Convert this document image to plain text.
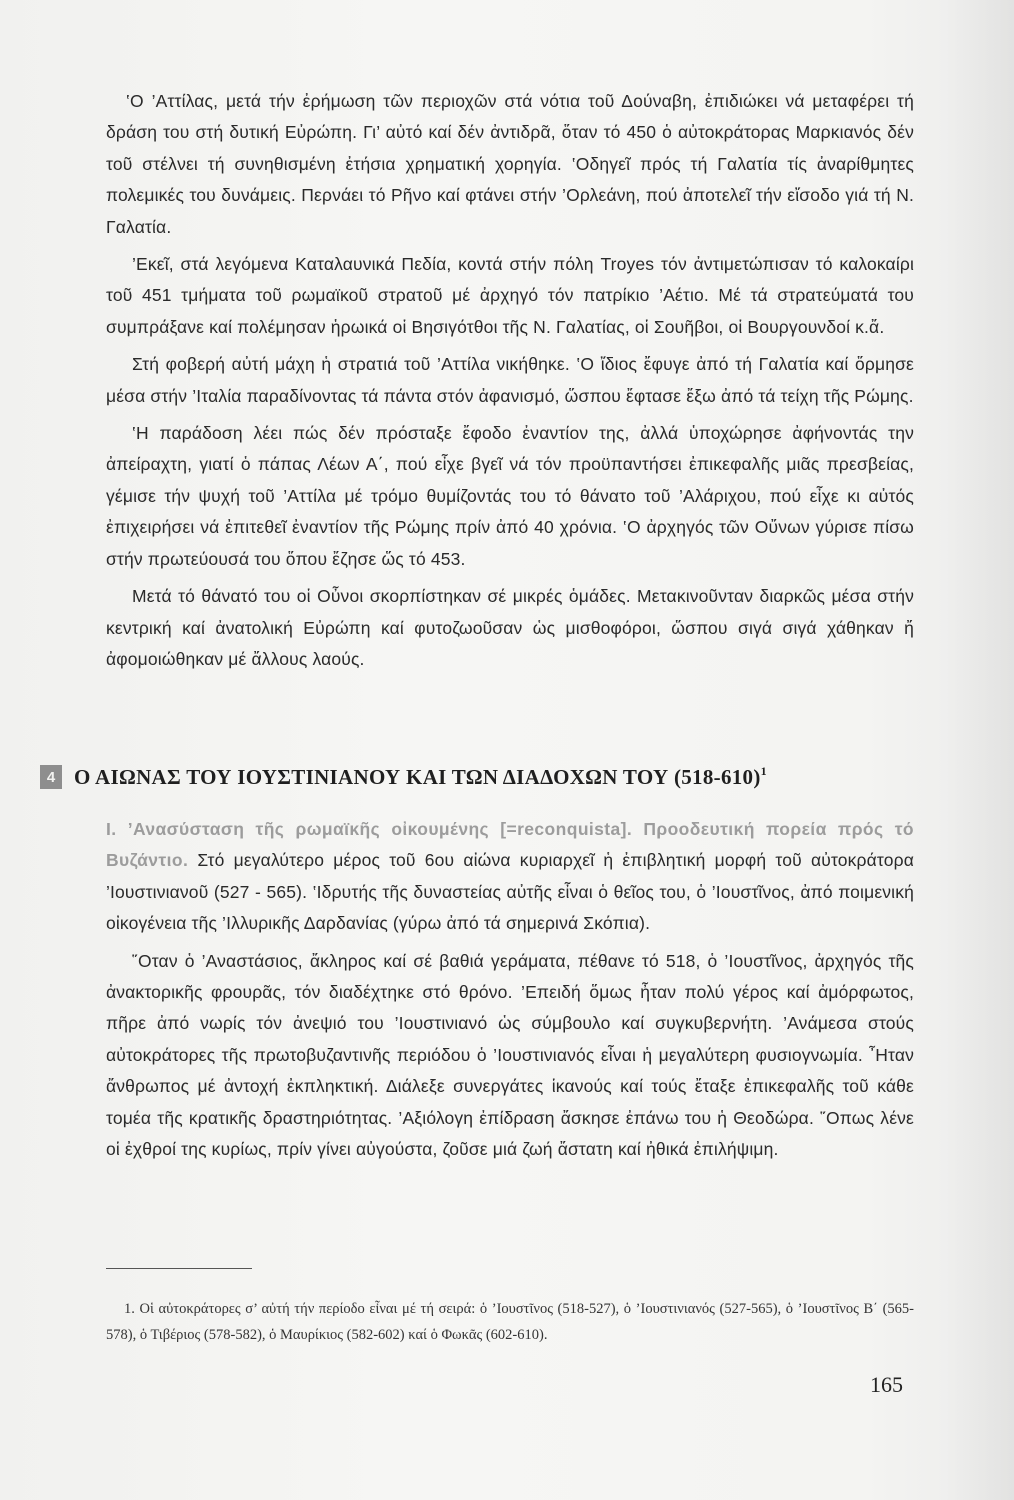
‛Ο ’Αττίλας, μετά τήν ἐρήμωση τῶν περιοχῶν στά νότια τοῦ Δούναβη, ἐπιδιώκει νά μεταφέρει τή δράση του στή δυτική Εὐρώπη. Γι’ αὐτό καί δέν ἀντιδρᾶ, ὅταν τό 450 ὁ αὐτοκράτορας Μαρκιανός δέν τοῦ στέλνει τή συνηθισμένη ἐτήσια χρηματική χορηγία. ‛Οδηγεῖ πρός τή Γαλατία τίς ἀναρίθμητες πολεμικές του δυνάμεις. Περνάει τό Ρῆνο καί φτάνει στήν ’Ορλεάνη, πού ἀποτελεῖ τήν εἴσοδο γιά τή Ν. Γαλατία.

’Εκεῖ, στά λεγόμενα Καταλαυνικά Πεδία, κοντά στήν πόλη Troyes τόν ἀντιμετώπισαν τό καλοκαίρι τοῦ 451 τμήματα τοῦ ρωμαϊκοῦ στρατοῦ μέ ἀρχηγό τόν πατρίκιο ’Αέτιο. Μέ τά στρατεύματά του συμπράξανε καί πολέμησαν ἡρωικά οἱ Βησιγότθοι τῆς Ν. Γαλατίας, οἱ Σουῆβοι, οἱ Βουργουνδοί κ.ἄ.

Στή φοβερή αὐτή μάχη ἡ στρατιά τοῦ ’Αττίλα νικήθηκε. ‛Ο ἴδιος ἔφυγε ἀπό τή Γαλατία καί ὅρμησε μέσα στήν ’Ιταλία παραδίνοντας τά πάντα στόν ἀφανισμό, ὥσπου ἔφτασε ἔξω ἀπό τά τείχη τῆς Ρώμης.

‛Η παράδοση λέει πώς δέν πρόσταξε ἔφοδο ἐναντίον της, ἀλλά ὑποχώρησε ἀφήνοντάς την ἀπείραχτη, γιατί ὁ πάπας Λέων Α΄, πού εἶχε βγεῖ νά τόν προϋπαντήσει ἐπικεφαλῆς μιᾶς πρεσβείας, γέμισε τήν ψυχή τοῦ ’Αττίλα μέ τρόμο θυμίζοντάς του τό θάνατο τοῦ ’Αλάριχου, πού εἶχε κι αὐτός ἐπιχειρήσει νά ἐπιτεθεῖ ἐναντίον τῆς Ρώμης πρίν ἀπό 40 χρόνια. ‛Ο ἀρχηγός τῶν Οὔνων γύρισε πίσω στήν πρωτεύουσά του ὅπου ἔζησε ὥς τό 453.

Μετά τό θάνατό του οἱ Οὖνοι σκορπίστηκαν σέ μικρές ὁμάδες. Μετακινοῦνταν διαρκῶς μέσα στήν κεντρική καί ἀνατολική Εὐρώπη καί φυτοζωοῦσαν ὡς μισθοφόροι, ὥσπου σιγά σιγά χάθηκαν ἤ ἀφομοιώθηκαν μέ ἄλλους λαούς.

4 Ο ΑΙΩΝΑΣ ΤΟΥ ΙΟΥΣΤΙΝΙΑΝΟΥ ΚΑΙ ΤΩΝ ΔΙΑΔΟΧΩΝ ΤΟΥ $(518-610)^1$

Ι. ’Ανασύσταση τῆς ρωμαϊκῆς οἰκουμένης [=reconquista]. Προοδευτική πορεία πρός τό Βυζάντιο. Στό μεγαλύτερο μέρος τοῦ 6ου αἰώνα κυριαρχεῖ ἡ ἐπιβλητική μορφή τοῦ αὐτοκράτορα ’Ιουστινιανοῦ (527 - 565). ‛Ιδρυτής τῆς δυναστείας αὐτῆς εἶναι ὁ θεῖος του, ὁ ’Ιουστῖνος, ἀπό ποιμενική οἰκογένεια τῆς ’Ιλλυρικῆς Δαρδανίας (γύρω ἀπό τά σημερινά Σκόπια).

῞Οταν ὁ ’Αναστάσιος, ἄκληρος καί σέ βαθιά γεράματα, πέθανε τό 518, ὁ ’Ιουστῖνος, ἀρχηγός τῆς ἀνακτορικῆς φρουρᾶς, τόν διαδέχτηκε στό θρόνο. ’Επειδή ὅμως ἦταν πολύ γέρος καί ἀμόρφωτος, πῆρε ἀπό νωρίς τόν ἀνεψιό του ’Ιουστινιανό ὡς σύμβουλο καί συγκυβερνήτη. ’Ανάμεσα στούς αὐτοκράτορες τῆς πρωτοβυζαντινῆς περιόδου ὁ ’Ιουστινιανός εἶναι ἡ μεγαλύτερη φυσιογνωμία. ῏Ηταν ἄνθρωπος μέ ἀντοχή ἐκπληκτική. Διάλεξε συνεργάτες ἱκανούς καί τούς ἔταξε ἐπικεφαλῆς τοῦ κάθε τομέα τῆς κρατικῆς δραστηριότητας. ’Αξιόλογη ἐπίδραση ἄσκησε ἐπάνω του ἡ Θεοδώρα. ῞Οπως λένε οἱ ἐχθροί της κυρίως, πρίν γίνει αὐγούστα, ζοῦσε μιά ζωή ἄστατη καί ἠθικά ἐπιλήψιμη.

1. Οἱ αὐτοκράτορες σ’ αὐτή τήν περίοδο εἶναι μέ τή σειρά: ὁ ’Ιουστῖνος (518-527), ὁ ’Ιουστινιανός (527-565), ὁ ’Ιουστῖνος Β΄ (565-578), ὁ Τιβέριος (578-582), ὁ Μαυρίκιος (582-602) καί ὁ Φωκᾶς (602-610).

165
